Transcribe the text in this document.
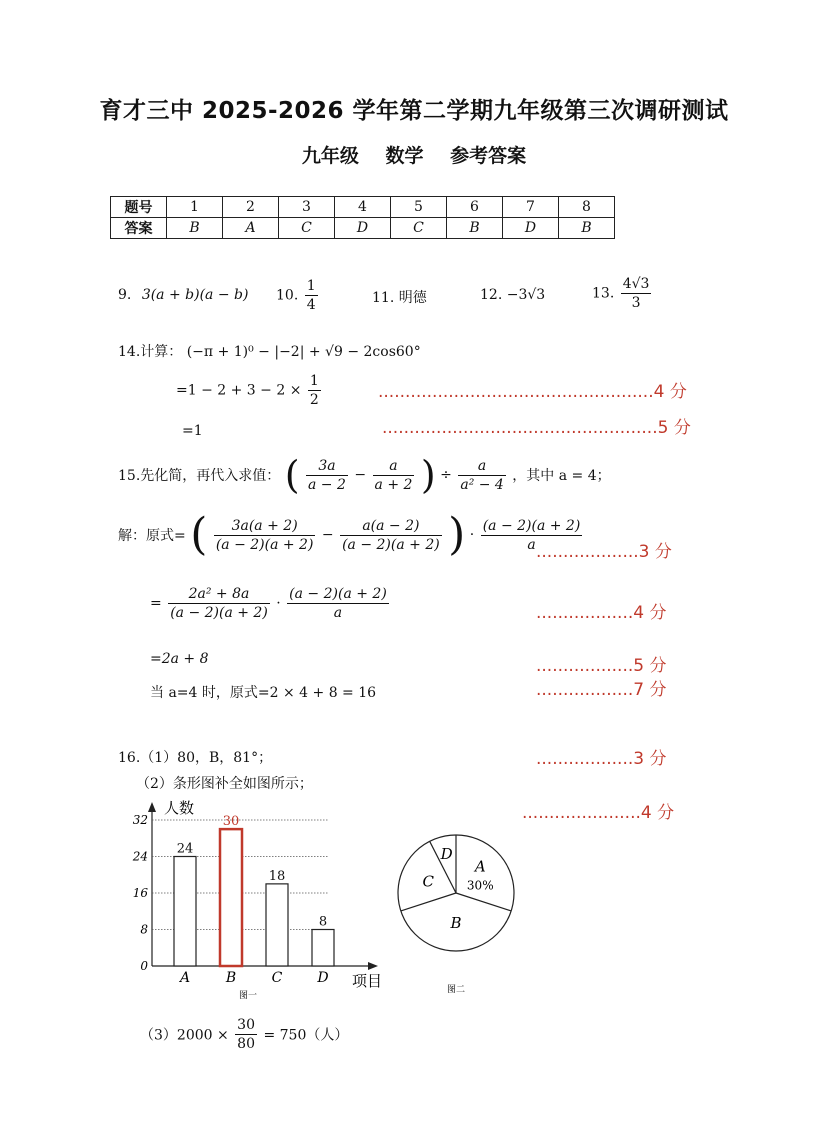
育才三中 2025-2026 学年第二学期九年级第三次调研测试
九年级 数学 参考答案
题号	1	2	3	4	5	6	7	8
答案	B	A	C	D	C	B	D	B
9. 3(a + b)(a − b) 10. $\frac{1}{4}$	11. 明德	12. −3√3	13. $\frac{4√3}{3}$
14.计算： (−π + 1)⁰ − |−2| + √9 − 2cos60°
$=1 - 2 + 3 - 2 \times \frac{1}{2}$	...................................................4 分
=1	...................................................5 分
15.先化简，再代入求值： ( $\frac{3a}{a - 2} - \frac{a}{a + 2}$ ) ÷ $\frac{a}{\text{a² − 4}}$ ，其中 a = 4；
解：原式= ( $\frac{3a(a + 2)}{(a - 2)(a + 2)} - \frac{a(a - 2)}{(a - 2)(a + 2)}$ ) · $\frac{(a - 2)(a + 2)}{a}$
...................3 分
= $\frac{\text{2a² + 8a}}{(a - 2)(a + 2)} \cdot \frac{(a - 2)(a + 2)}{a}$	..................4 分
=2a + 8	..................5 分
当 a=4 时，原式=2 × 4 + 8 = 16	..................7 分
16.（1）80，B，81°；	..................3 分
（2）条形图补全如图所示；
......................4 分
人数
项目
0
8
16
24
32
24
A
30
B
18
C
8
D
图一
A
30%
B
C
D
图二
$(3)2000 \times \frac{30}{80} = 750$（人）
